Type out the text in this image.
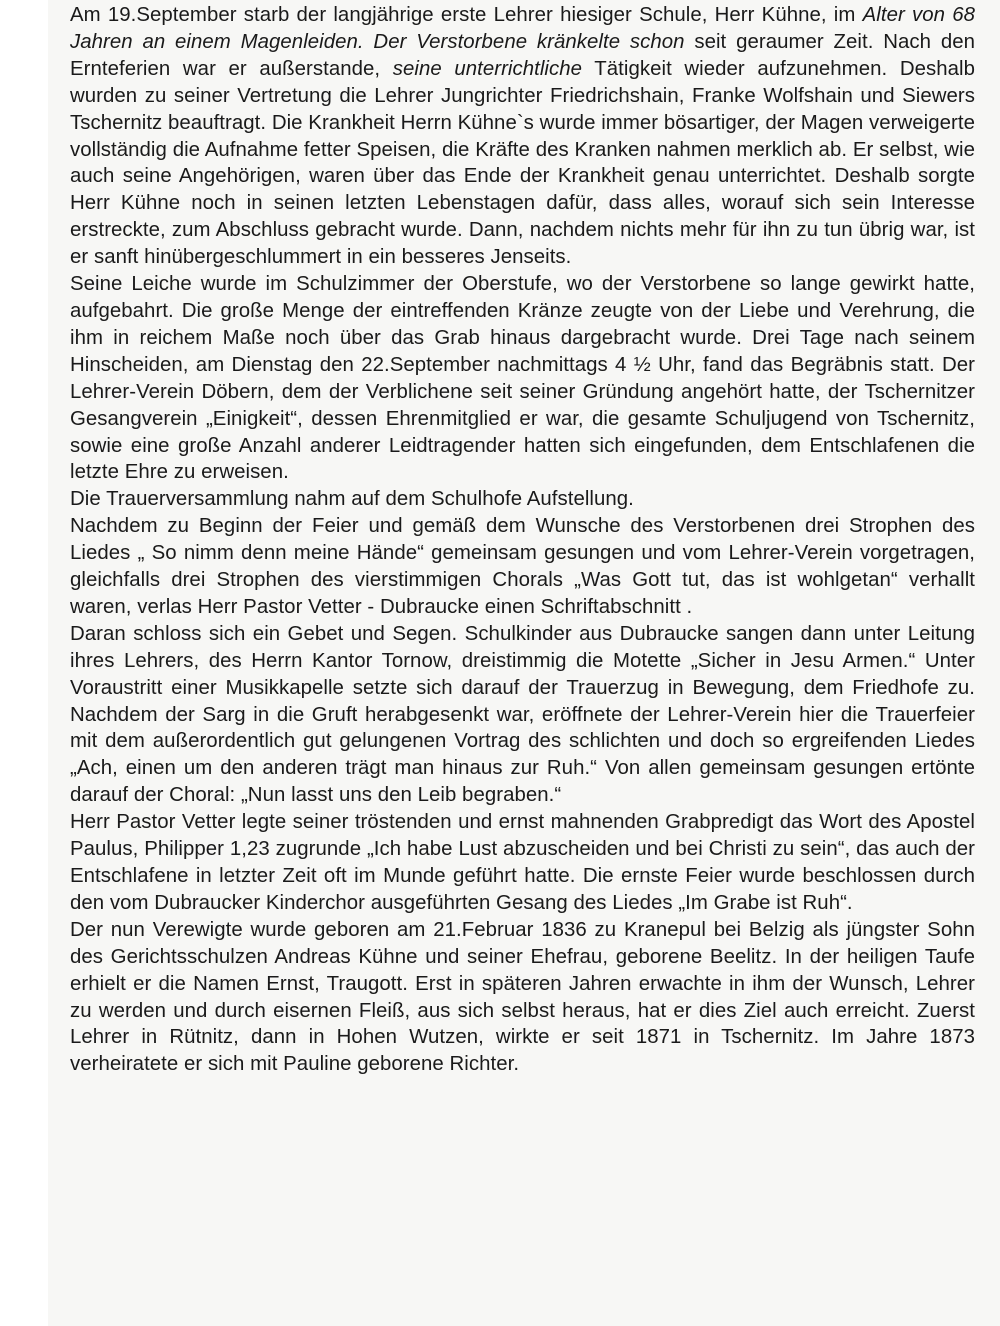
Am 19.September starb der langjährige erste Lehrer hiesiger Schule, Herr Kühne, im Alter von 68 Jahren an einem Magenleiden. Der Verstorbene kränkelte schon seit geraumer Zeit. Nach den Ernteferien war er außerstande, seine unterrichtliche Tätigkeit wieder aufzunehmen. Deshalb wurden zu seiner Vertretung die Lehrer Jungrichter Friedrichshain, Franke Wolfshain und Siewers Tschernitz beauftragt. Die Krankheit Herrn Kühne`s wurde immer bösartiger, der Magen verweigerte vollständig die Aufnahme fetter Speisen, die Kräfte des Kranken nahmen merklich ab. Er selbst, wie auch seine Angehörigen, waren über das Ende der Krankheit genau unterrichtet. Deshalb sorgte Herr Kühne noch in seinen letzten Lebenstagen dafür, dass alles, worauf sich sein Interesse erstreckte, zum Abschluss gebracht wurde. Dann, nachdem nichts mehr für ihn zu tun übrig war, ist er sanft hinübergeschlummert in ein besseres Jenseits.

Seine Leiche wurde im Schulzimmer der Oberstufe, wo der Verstorbene so lange gewirkt hatte, aufgebahrt. Die große Menge der eintreffenden Kränze zeugte von der Liebe und Verehrung, die ihm in reichem Maße noch über das Grab hinaus dargebracht wurde. Drei Tage nach seinem Hinscheiden, am Dienstag den 22.September nachmittags 4 ½ Uhr, fand das Begräbnis statt. Der Lehrer-Verein Döbern, dem der Verblichene seit seiner Gründung angehört hatte, der Tschernitzer Gesangverein „Einigkeit“, dessen Ehrenmitglied er war, die gesamte Schuljugend von Tschernitz, sowie eine große Anzahl anderer Leidtragender hatten sich eingefunden, dem Entschlafenen die letzte Ehre zu erweisen.

Die Trauerversammlung nahm auf dem Schulhofe Aufstellung.

Nachdem zu Beginn der Feier und gemäß dem Wunsche des Verstorbenen drei Strophen des Liedes „ So nimm denn meine Hände“ gemeinsam gesungen und vom Lehrer-Verein vorgetragen, gleichfalls drei Strophen des vierstimmigen Chorals „Was Gott tut, das ist wohlgetan“ verhallt waren, verlas Herr Pastor Vetter - Dubraucke einen Schriftabschnitt .

Daran schloss sich ein Gebet und Segen. Schulkinder aus Dubraucke sangen dann unter Leitung ihres Lehrers, des Herrn Kantor Tornow, dreistimmig die Motette „Sicher in Jesu Armen.“ Unter Voraustritt einer Musikkapelle setzte sich darauf der Trauerzug in Bewegung, dem Friedhofe zu. Nachdem der Sarg in die Gruft herabgesenkt war, eröffnete der Lehrer-Verein hier die Trauerfeier mit dem außerordentlich gut gelungenen Vortrag des schlichten und doch so ergreifenden Liedes „Ach, einen um den anderen trägt man hinaus zur Ruh.“ Von allen gemeinsam gesungen ertönte darauf der Choral: „Nun lasst uns den Leib begraben.“

Herr Pastor Vetter legte seiner tröstenden und ernst mahnenden Grabpredigt das Wort des Apostel Paulus, Philipper 1,23 zugrunde „Ich habe Lust abzuscheiden und bei Christi zu sein“, das auch der Entschlafene in letzter Zeit oft im Munde geführt hatte. Die ernste Feier wurde beschlossen durch den vom Dubraucker Kinderchor ausgeführten Gesang des Liedes „Im Grabe ist Ruh“.

Der nun Verewigte wurde geboren am 21.Februar 1836 zu Kranepul bei Belzig als jüngster Sohn des Gerichtsschulzen Andreas Kühne und seiner Ehefrau, geborene Beelitz. In der heiligen Taufe erhielt er die Namen Ernst, Traugott. Erst in späteren Jahren erwachte in ihm der Wunsch, Lehrer zu werden und durch eisernen Fleiß, aus sich selbst heraus, hat er dies Ziel auch erreicht. Zuerst Lehrer in Rütnitz, dann in Hohen Wutzen, wirkte er seit 1871 in Tschernitz. Im Jahre 1873 verheiratete er sich mit Pauline geborene Richter.
